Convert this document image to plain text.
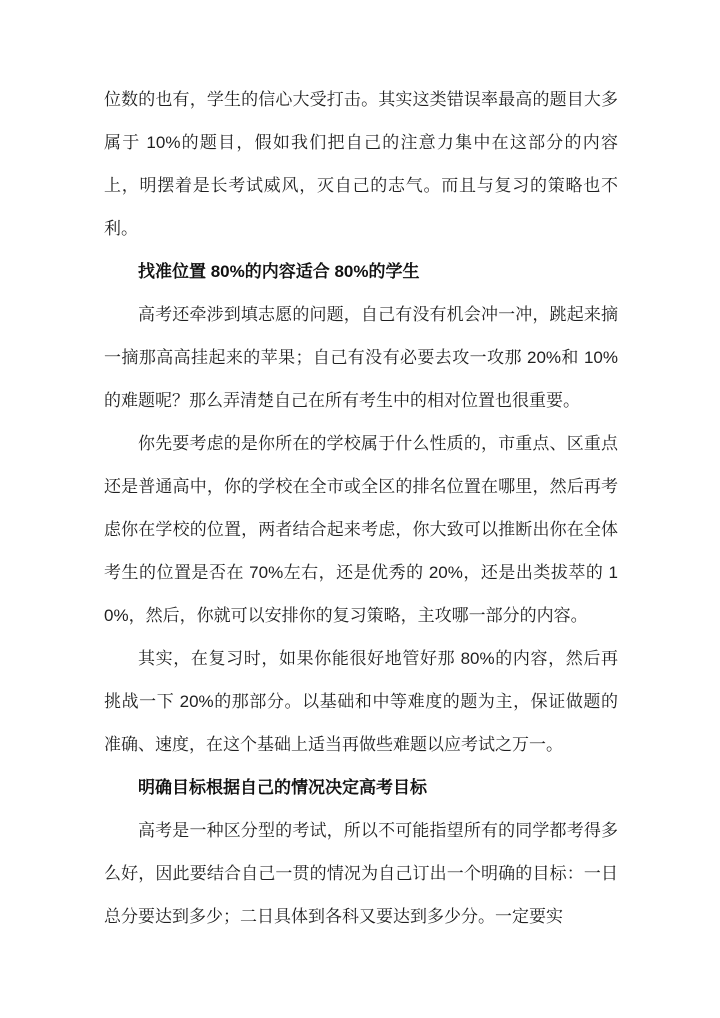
位数的也有，学生的信心大受打击。其实这类错误率最高的题目大多属于 10%的题目，假如我们把自己的注意力集中在这部分的内容上，明摆着是长考试威风，灭自己的志气。而且与复习的策略也不利。

找准位置 80%的内容适合 80%的学生

高考还牵涉到填志愿的问题，自己有没有机会冲一冲，跳起来摘一摘那高高挂起来的苹果；自己有没有必要去攻一攻那 20%和 10%的难题呢？那么弄清楚自己在所有考生中的相对位置也很重要。

你先要考虑的是你所在的学校属于什么性质的，市重点、区重点还是普通高中，你的学校在全市或全区的排名位置在哪里，然后再考虑你在学校的位置，两者结合起来考虑，你大致可以推断出你在全体考生的位置是否在 70%左右，还是优秀的 20%，还是出类拔萃的 10%，然后，你就可以安排你的复习策略，主攻哪一部分的内容。

其实，在复习时，如果你能很好地管好那 80%的内容，然后再挑战一下 20%的那部分。以基础和中等难度的题为主，保证做题的准确、速度，在这个基础上适当再做些难题以应考试之万一。

明确目标根据自己的情况决定高考目标

高考是一种区分型的考试，所以不可能指望所有的同学都考得多么好，因此要结合自己一贯的情况为自己订出一个明确的目标：一日总分要达到多少；二日具体到各科又要达到多少分。一定要实
